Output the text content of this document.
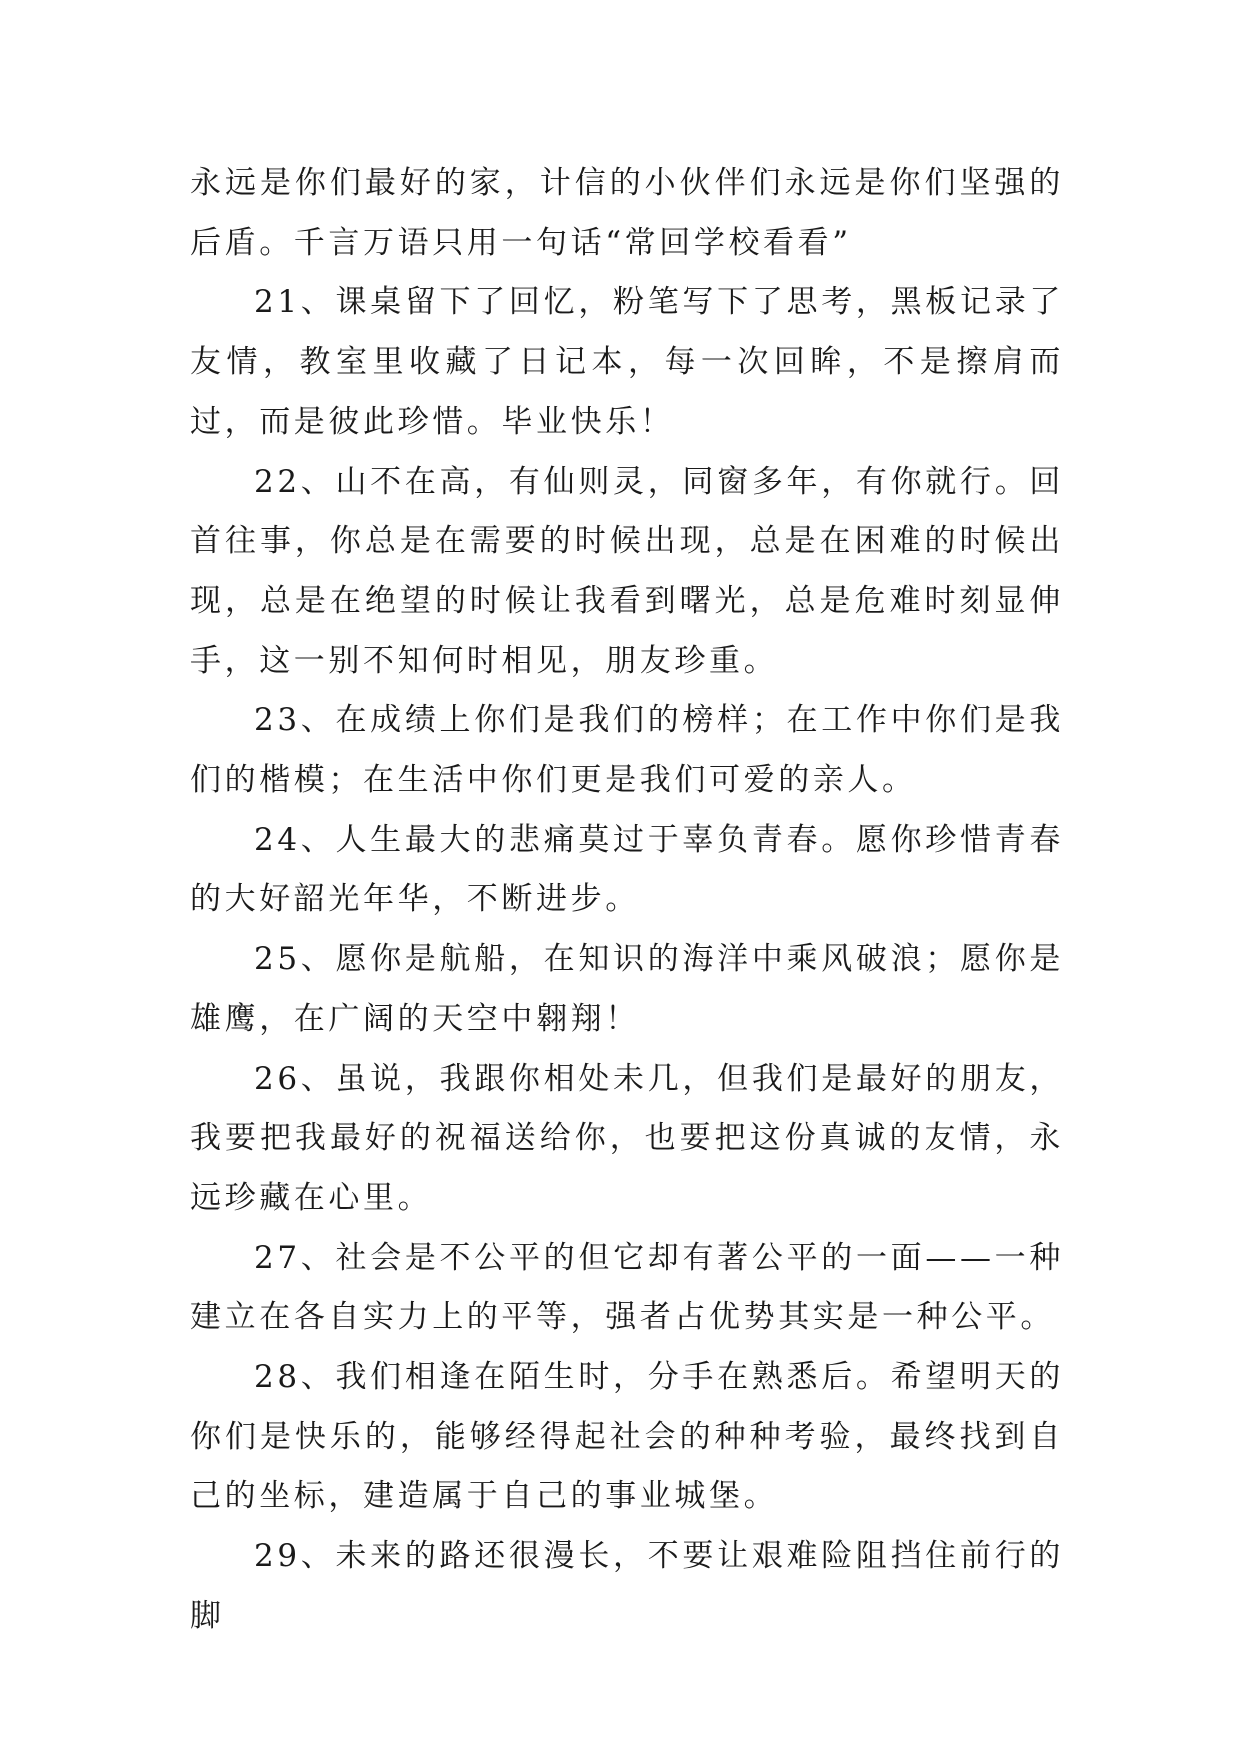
永远是你们最好的家，计信的小伙伴们永远是你们坚强的后盾。千言万语只用一句话“常回学校看看”

21、课桌留下了回忆，粉笔写下了思考，黑板记录了友情，教室里收藏了日记本，每一次回眸，不是擦肩而过，而是彼此珍惜。毕业快乐！

22、山不在高，有仙则灵，同窗多年，有你就行。回首往事，你总是在需要的时候出现，总是在困难的时候出现，总是在绝望的时候让我看到曙光，总是危难时刻显伸手，这一别不知何时相见，朋友珍重。

23、在成绩上你们是我们的榜样；在工作中你们是我们的楷模；在生活中你们更是我们可爱的亲人。

24、人生最大的悲痛莫过于辜负青春。愿你珍惜青春的大好韶光年华，不断进步。

25、愿你是航船，在知识的海洋中乘风破浪；愿你是雄鹰，在广阔的天空中翱翔！

26、虽说，我跟你相处未几，但我们是最好的朋友，我要把我最好的祝福送给你，也要把这份真诚的友情，永远珍藏在心里。

27、社会是不公平的但它却有著公平的一面——一种建立在各自实力上的平等，强者占优势其实是一种公平。

28、我们相逢在陌生时，分手在熟悉后。希望明天的你们是快乐的，能够经得起社会的种种考验，最终找到自己的坐标，建造属于自己的事业城堡。

29、未来的路还很漫长，不要让艰难险阻挡住前行的脚
